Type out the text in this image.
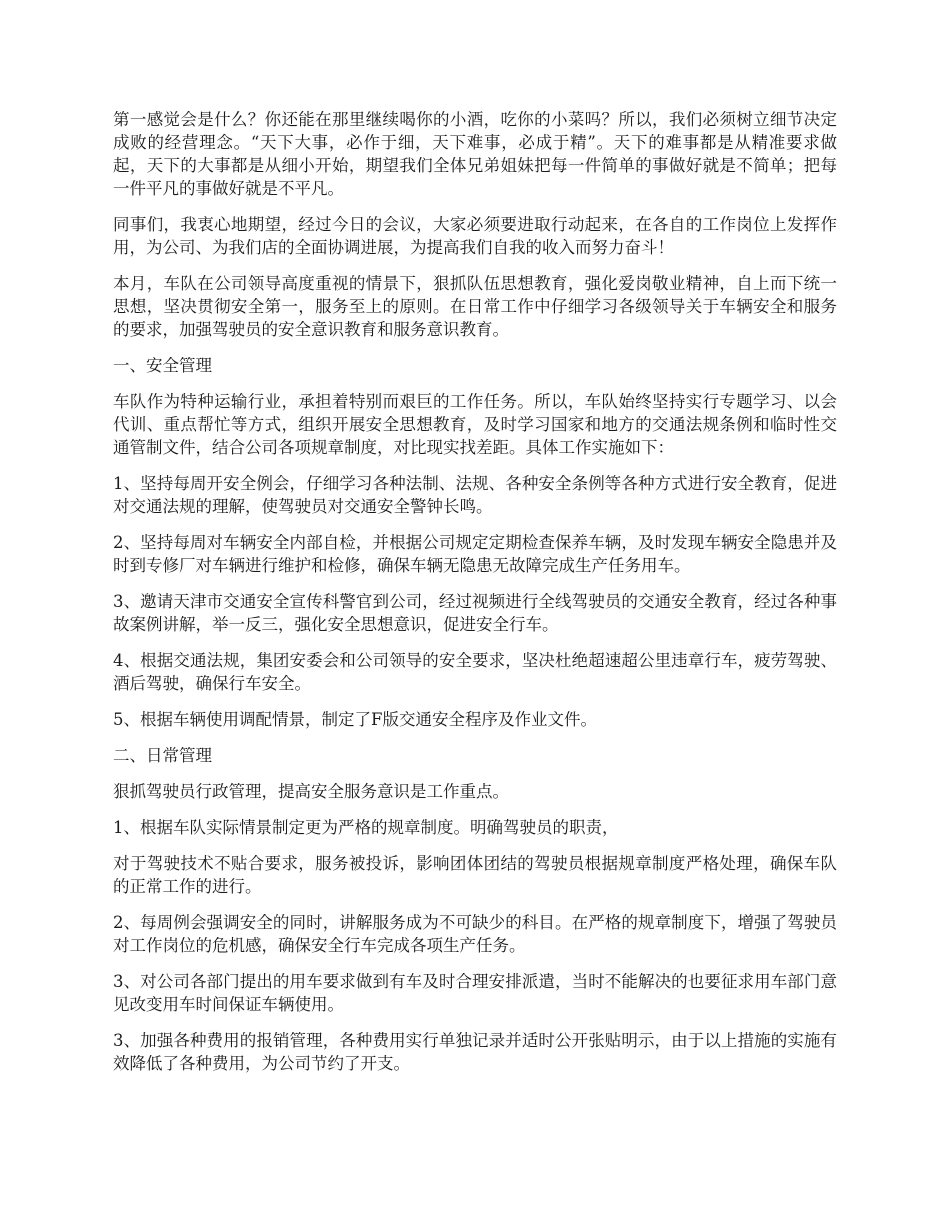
第一感觉会是什么？你还能在那里继续喝你的小酒，吃你的小菜吗？所以，我们必须树立细节决定成败的经营理念。“天下大事，必作于细，天下难事，必成于精”。天下的难事都是从精准要求做起，天下的大事都是从细小开始，期望我们全体兄弟姐妹把每一件简单的事做好就是不简单；把每一件平凡的事做好就是不平凡。

同事们，我衷心地期望，经过今日的会议，大家必须要进取行动起来，在各自的工作岗位上发挥作用，为公司、为我们店的全面协调进展，为提高我们自我的收入而努力奋斗！

本月，车队在公司领导高度重视的情景下，狠抓队伍思想教育，强化爱岗敬业精神，自上而下统一思想，坚决贯彻安全第一，服务至上的原则。在日常工作中仔细学习各级领导关于车辆安全和服务的要求，加强驾驶员的安全意识教育和服务意识教育。

一、安全管理

车队作为特种运输行业，承担着特别而艰巨的工作任务。所以，车队始终坚持实行专题学习、以会代训、重点帮忙等方式，组织开展安全思想教育，及时学习国家和地方的交通法规条例和临时性交通管制文件，结合公司各项规章制度，对比现实找差距。具体工作实施如下：

1、坚持每周开安全例会，仔细学习各种法制、法规、各种安全条例等各种方式进行安全教育，促进对交通法规的理解，使驾驶员对交通安全警钟长鸣。

2、坚持每周对车辆安全内部自检，并根据公司规定定期检查保养车辆，及时发现车辆安全隐患并及时到专修厂对车辆进行维护和检修，确保车辆无隐患无故障完成生产任务用车。

3、邀请天津市交通安全宣传科警官到公司，经过视频进行全线驾驶员的交通安全教育，经过各种事故案例讲解，举一反三，强化安全思想意识，促进安全行车。

4、根据交通法规，集团安委会和公司领导的安全要求，坚决杜绝超速超公里违章行车，疲劳驾驶、酒后驾驶，确保行车安全。

5、根据车辆使用调配情景，制定了F版交通安全程序及作业文件。

二、日常管理

狠抓驾驶员行政管理，提高安全服务意识是工作重点。

1、根据车队实际情景制定更为严格的规章制度。明确驾驶员的职责，

对于驾驶技术不贴合要求，服务被投诉，影响团体团结的驾驶员根据规章制度严格处理，确保车队的正常工作的进行。

2、每周例会强调安全的同时，讲解服务成为不可缺少的科目。在严格的规章制度下，增强了驾驶员对工作岗位的危机感，确保安全行车完成各项生产任务。

3、对公司各部门提出的用车要求做到有车及时合理安排派遣，当时不能解决的也要征求用车部门意见改变用车时间保证车辆使用。

3、加强各种费用的报销管理，各种费用实行单独记录并适时公开张贴明示，由于以上措施的实施有效降低了各种费用，为公司节约了开支。
